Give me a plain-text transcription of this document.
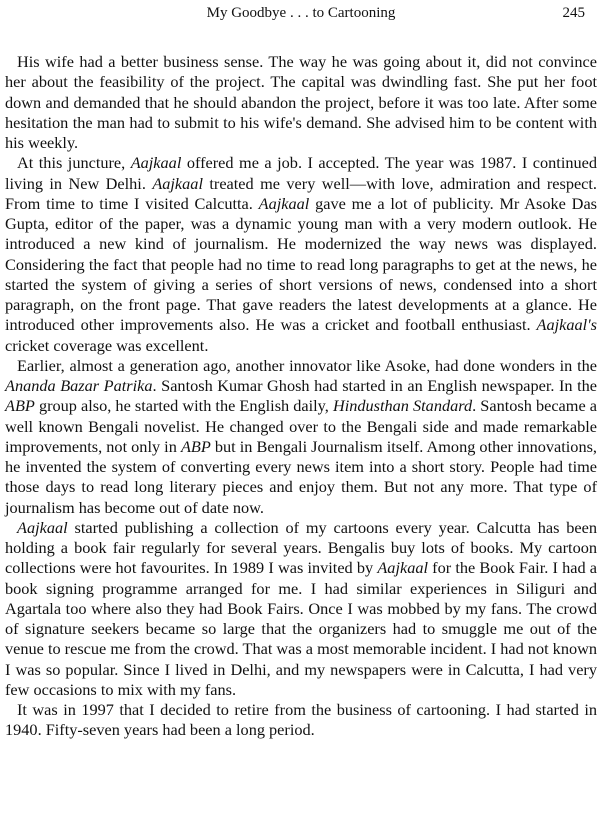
My Goodbye . . . to Cartooning	245

His wife had a better business sense. The way he was going about it, did not convince her about the feasibility of the project. The capital was dwindling fast. She put her foot down and demanded that he should abandon the project, before it was too late. After some hesitation the man had to submit to his wife's demand. She advised him to be content with his weekly.

At this juncture, Aajkaal offered me a job. I accepted. The year was 1987. I continued living in New Delhi. Aajkaal treated me very well—with love, admiration and respect. From time to time I visited Calcutta. Aajkaal gave me a lot of publicity. Mr Asoke Das Gupta, editor of the paper, was a dynamic young man with a very modern outlook. He introduced a new kind of journalism. He modernized the way news was displayed. Considering the fact that people had no time to read long paragraphs to get at the news, he started the system of giving a series of short versions of news, condensed into a short paragraph, on the front page. That gave readers the latest developments at a glance. He introduced other improvements also. He was a cricket and football enthusiast. Aajkaal's cricket coverage was excellent.

Earlier, almost a generation ago, another innovator like Asoke, had done wonders in the Ananda Bazar Patrika. Santosh Kumar Ghosh had started in an English newspaper. In the ABP group also, he started with the English daily, Hindusthan Standard. Santosh became a well known Bengali novelist. He changed over to the Bengali side and made remarkable improvements, not only in ABP but in Bengali Journalism itself. Among other innovations, he invented the system of converting every news item into a short story. People had time those days to read long literary pieces and enjoy them. But not any more. That type of journalism has become out of date now.

Aajkaal started publishing a collection of my cartoons every year. Calcutta has been holding a book fair regularly for several years. Bengalis buy lots of books. My cartoon collections were hot favourites. In 1989 I was invited by Aajkaal for the Book Fair. I had a book signing programme arranged for me. I had similar experiences in Siliguri and Agartala too where also they had Book Fairs. Once I was mobbed by my fans. The crowd of signature seekers became so large that the organizers had to smuggle me out of the venue to rescue me from the crowd. That was a most memorable incident. I had not known I was so popular. Since I lived in Delhi, and my newspapers were in Calcutta, I had very few occasions to mix with my fans.

It was in 1997 that I decided to retire from the business of cartooning. I had started in 1940. Fifty-seven years had been a long period.
